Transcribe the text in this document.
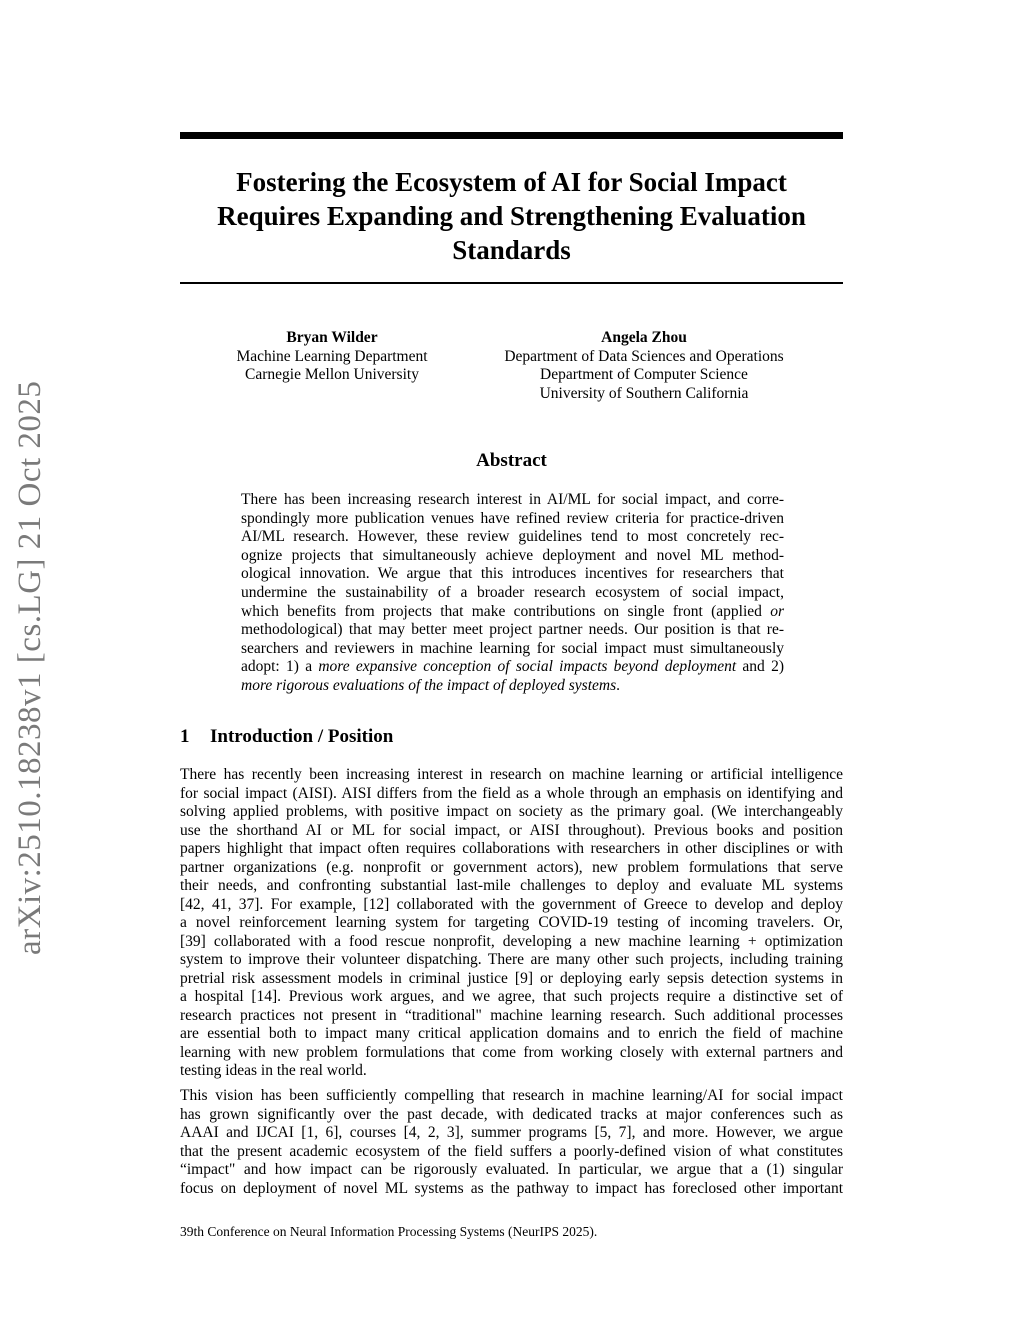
arXiv:2510.18238v1 [cs.LG] 21 Oct 2025
Fostering the Ecosystem of AI for Social Impact
Requires Expanding and Strengthening Evaluation
Standards
Bryan Wilder
Machine Learning Department
Carnegie Mellon University
Angela Zhou
Department of Data Sciences and Operations
Department of Computer Science
University of Southern California
Abstract
There has been increasing research interest in AI/ML for social impact, and corre-
spondingly more publication venues have refined review criteria for practice-driven
AI/ML research. However, these review guidelines tend to most concretely rec-
ognize projects that simultaneously achieve deployment and novel ML method-
ological innovation. We argue that this introduces incentives for researchers that
undermine the sustainability of a broader research ecosystem of social impact,
which benefits from projects that make contributions on single front (applied or
methodological) that may better meet project partner needs. Our position is that re-
searchers and reviewers in machine learning for social impact must simultaneously
adopt: 1) a more expansive conception of social impacts beyond deployment and 2)
more rigorous evaluations of the impact of deployed systems.
1 Introduction / Position
There has recently been increasing interest in research on machine learning or artificial intelligence
for social impact (AISI). AISI differs from the field as a whole through an emphasis on identifying and
solving applied problems, with positive impact on society as the primary goal. (We interchangeably
use the shorthand AI or ML for social impact, or AISI throughout). Previous books and position
papers highlight that impact often requires collaborations with researchers in other disciplines or with
partner organizations (e.g. nonprofit or government actors), new problem formulations that serve
their needs, and confronting substantial last-mile challenges to deploy and evaluate ML systems
[42, 41, 37]. For example, [12] collaborated with the government of Greece to develop and deploy
a novel reinforcement learning system for targeting COVID-19 testing of incoming travelers. Or,
[39] collaborated with a food rescue nonprofit, developing a new machine learning + optimization
system to improve their volunteer dispatching. There are many other such projects, including training
pretrial risk assessment models in criminal justice [9] or deploying early sepsis detection systems in
a hospital [14]. Previous work argues, and we agree, that such projects require a distinctive set of
research practices not present in “traditional" machine learning research. Such additional processes
are essential both to impact many critical application domains and to enrich the field of machine
learning with new problem formulations that come from working closely with external partners and
testing ideas in the real world.
This vision has been sufficiently compelling that research in machine learning/AI for social impact
has grown significantly over the past decade, with dedicated tracks at major conferences such as
AAAI and IJCAI [1, 6], courses [4, 2, 3], summer programs [5, 7], and more. However, we argue
that the present academic ecosystem of the field suffers a poorly-defined vision of what constitutes
“impact" and how impact can be rigorously evaluated. In particular, we argue that a (1) singular
focus on deployment of novel ML systems as the pathway to impact has foreclosed other important
39th Conference on Neural Information Processing Systems (NeurIPS 2025).
